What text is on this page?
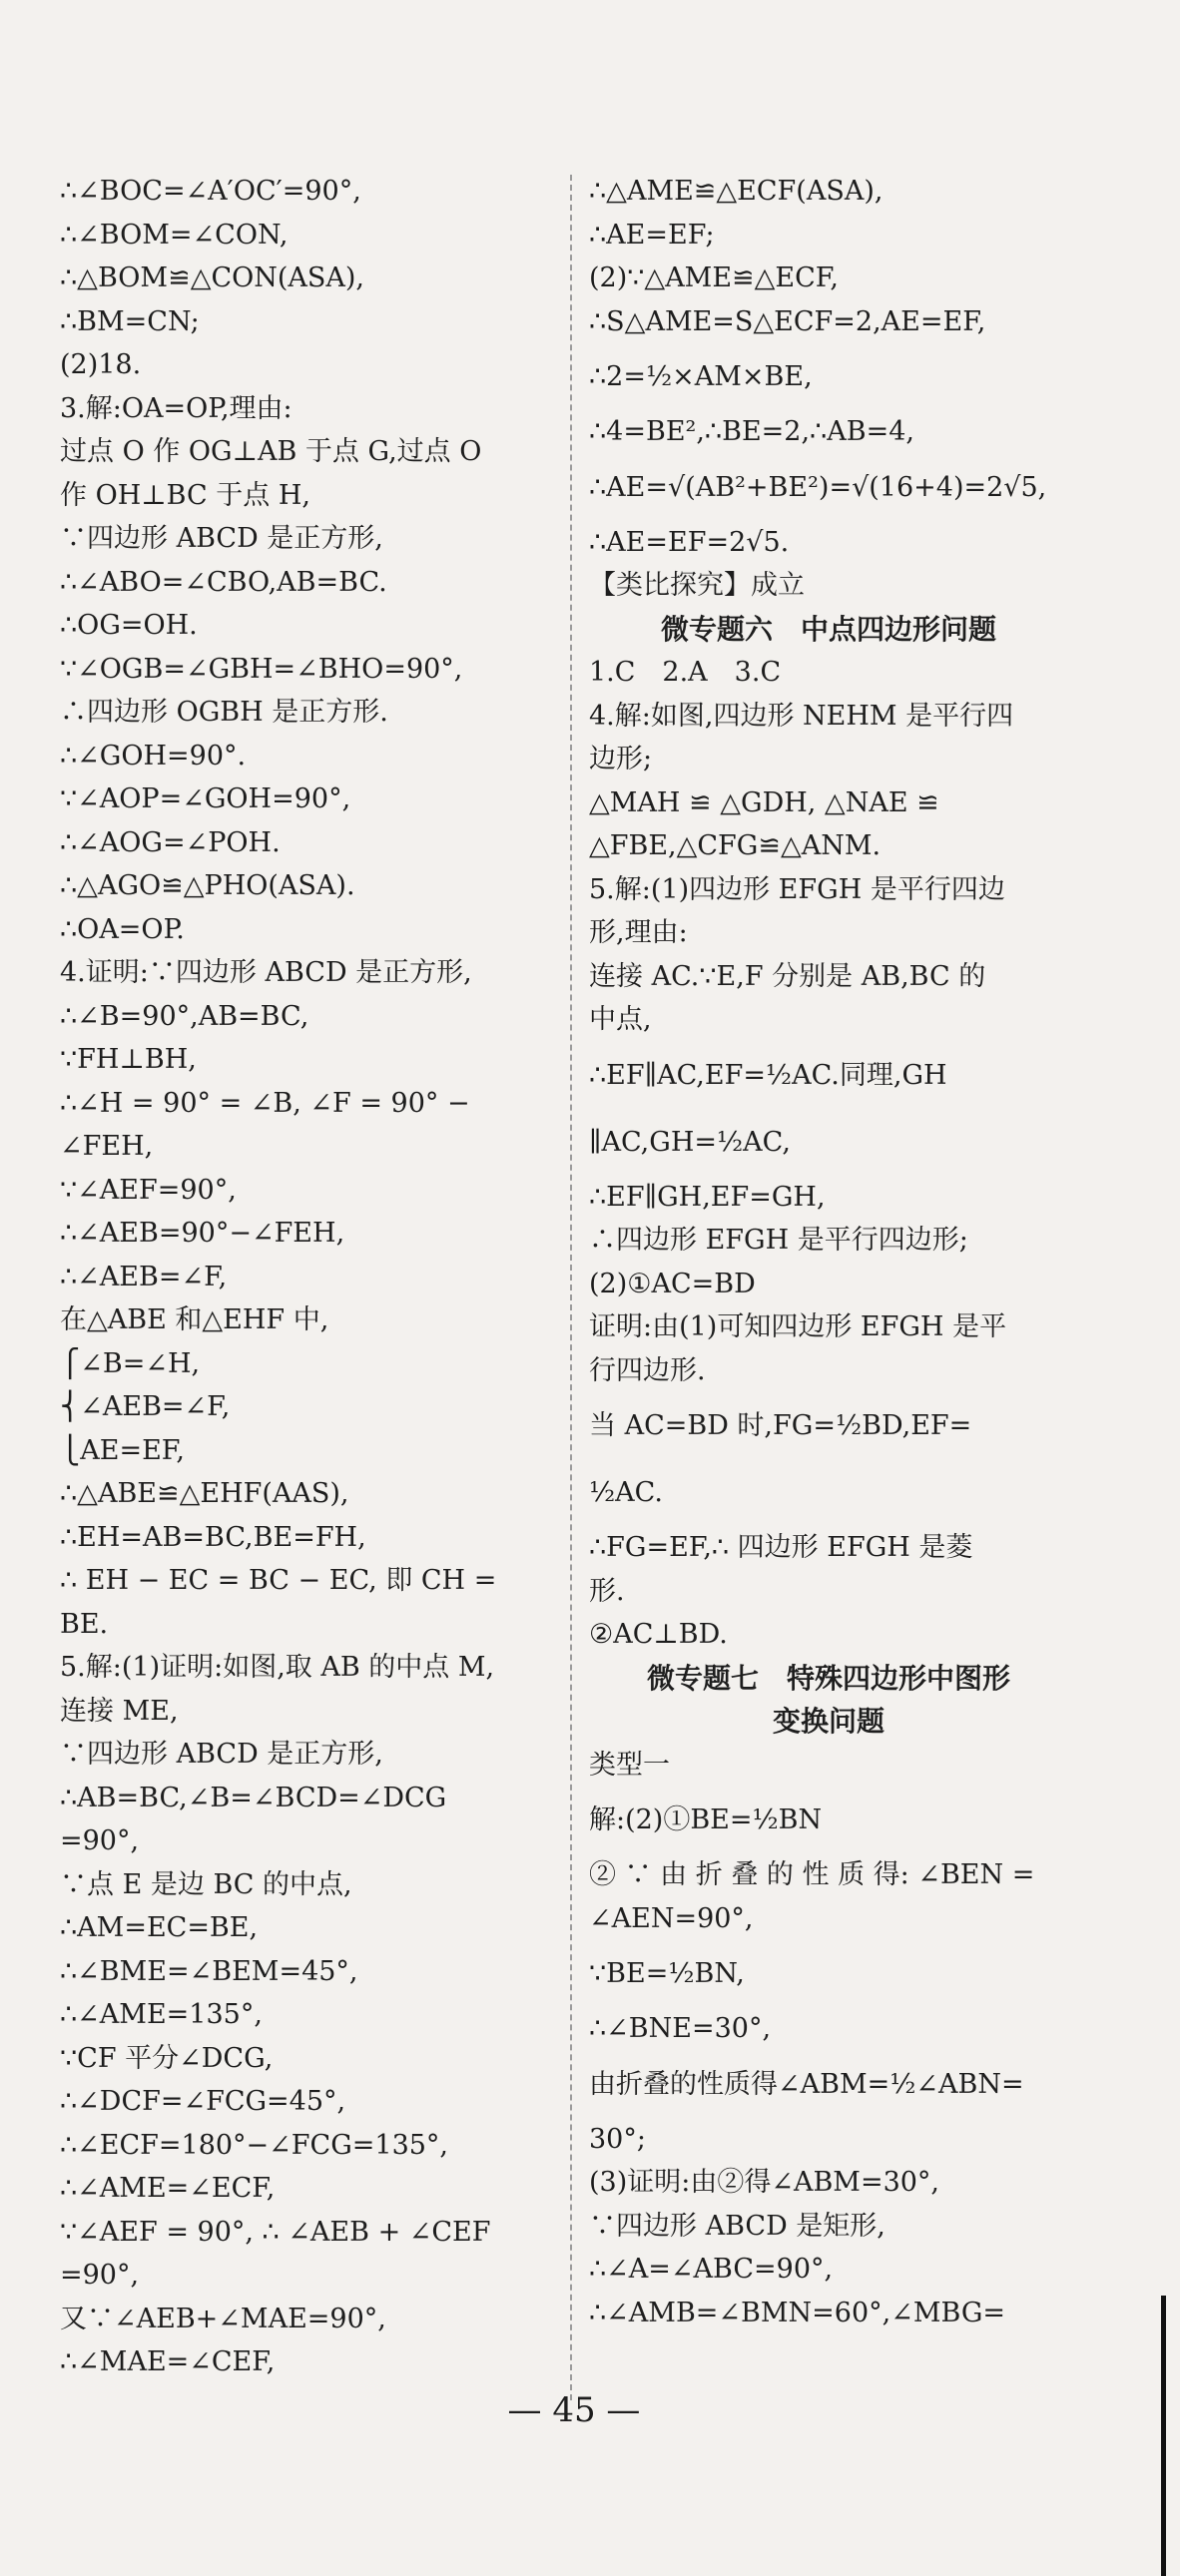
∴∠BOC=∠A′OC′=90°,
∴∠BOM=∠CON,
∴△BOM≌△CON(ASA),
∴BM=CN;
(2)18.
3.解:OA=OP,理由:
过点 O 作 OG⊥AB 于点 G,过点 O
作 OH⊥BC 于点 H,
∵四边形 ABCD 是正方形,
∴∠ABO=∠CBO,AB=BC.
∴OG=OH.
∵∠OGB=∠GBH=∠BHO=90°,
∴四边形 OGBH 是正方形.
∴∠GOH=90°.
∵∠AOP=∠GOH=90°,
∴∠AOG=∠POH.
∴△AGO≌△PHO(ASA).
∴OA=OP.
4.证明:∵四边形 ABCD 是正方形,
∴∠B=90°,AB=BC,
∵FH⊥BH,
∴∠H = 90° = ∠B, ∠F = 90° −
∠FEH,
∵∠AEF=90°,
∴∠AEB=90°−∠FEH,
∴∠AEB=∠F,
在△ABE 和△EHF 中,
⎧∠B=∠H,
⎨∠AEB=∠F,
⎩AE=EF,
∴△ABE≌△EHF(AAS),
∴EH=AB=BC,BE=FH,
∴ EH − EC = BC − EC, 即 CH =
BE.
5.解:(1)证明:如图,取 AB 的中点 M,
连接 ME,
∵四边形 ABCD 是正方形,
∴AB=BC,∠B=∠BCD=∠DCG
=90°,
∵点 E 是边 BC 的中点,
∴AM=EC=BE,
∴∠BME=∠BEM=45°,
∴∠AME=135°,
∵CF 平分∠DCG,
∴∠DCF=∠FCG=45°,
∴∠ECF=180°−∠FCG=135°,
∴∠AME=∠ECF,
∵∠AEF = 90°, ∴ ∠AEB + ∠CEF
=90°,
又∵∠AEB+∠MAE=90°,
∴∠MAE=∠CEF,
∴△AME≌△ECF(ASA),
∴AE=EF;
(2)∵△AME≌△ECF,
∴S△AME=S△ECF=2,AE=EF,
∴2=½×AM×BE,
∴4=BE²,∴BE=2,∴AB=4,
∴AE=√(AB²+BE²)=√(16+4)=2√5,
∴AE=EF=2√5.
【类比探究】成立
微专题六　中点四边形问题
1.C　2.A　3.C
4.解:如图,四边形 NEHM 是平行四
边形;
△MAH ≌ △GDH, △NAE ≌
△FBE,△CFG≌△ANM.
5.解:(1)四边形 EFGH 是平行四边
形,理由:
连接 AC.∵E,F 分别是 AB,BC 的
中点,
∴EF∥AC,EF=½AC.同理,GH
∥AC,GH=½AC,
∴EF∥GH,EF=GH,
∴四边形 EFGH 是平行四边形;
(2)①AC=BD
证明:由(1)可知四边形 EFGH 是平
行四边形.
当 AC=BD 时,FG=½BD,EF=
½AC.
∴FG=EF,∴ 四边形 EFGH 是菱
形.
②AC⊥BD.
微专题七　特殊四边形中图形
变换问题
类型一
解:(2)①BE=½BN
② ∵ 由 折 叠 的 性 质 得: ∠BEN =
∠AEN=90°,
∵BE=½BN,
∴∠BNE=30°,
由折叠的性质得∠ABM=½∠ABN=
30°;
(3)证明:由②得∠ABM=30°,
∵四边形 ABCD 是矩形,
∴∠A=∠ABC=90°,
∴∠AMB=∠BMN=60°,∠MBG=
— 45 —
